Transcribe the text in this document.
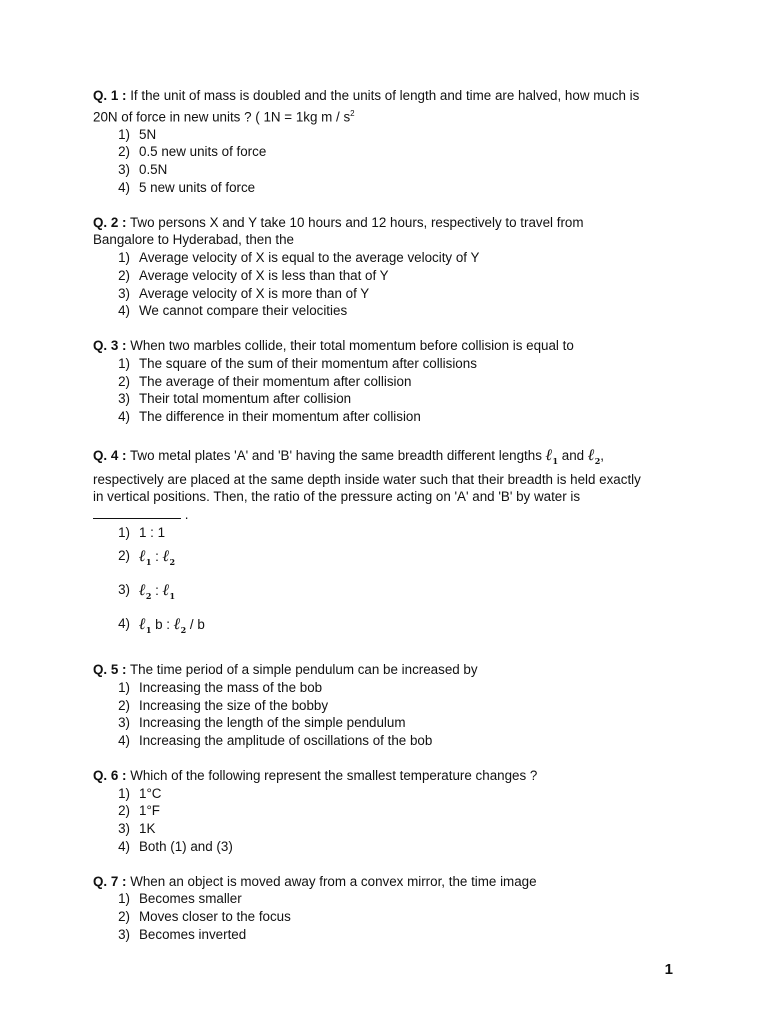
Q. 1 : If the unit of mass is doubled and the units of length and time are halved, how much is
20N of force in new units ? ( 1N = 1kg m / $s^2$
1) 5N
2) 0.5 new units of force
3) 0.5N
4) 5 new units of force
Q. 2 : Two persons X and Y take 10 hours and 12 hours, respectively to travel from
Bangalore to Hyderabad, then the
1) Average velocity of X is equal to the average velocity of Y
2) Average velocity of X is less than that of Y
3) Average velocity of X is more than of Y
4) We cannot compare their velocities
Q. 3 : When two marbles collide, their total momentum before collision is equal to
1) The square of the sum of their momentum after collisions
2) The average of their momentum after collision
3) Their total momentum after collision
4) The difference in their momentum after collision
Q. 4 : Two metal plates 'A' and 'B' having the same breadth different lengths ℓ$_1$ and ℓ$_2$,
respectively are placed at the same depth inside water such that their breadth is held exactly
in vertical positions. Then, the ratio of the pressure acting on 'A' and 'B' by water is
.
1) 1 : 1
2) ℓ$_1$ : ℓ$_2$
3) ℓ$_2$ : ℓ$_1$
4) ℓ$_1$ b : ℓ$_2$ / b
Q. 5 : The time period of a simple pendulum can be increased by
1) Increasing the mass of the bob
2) Increasing the size of the bobby
3) Increasing the length of the simple pendulum
4) Increasing the amplitude of oscillations of the bob
Q. 6 : Which of the following represent the smallest temperature changes ?
1) 1°C
2) 1°F
3) 1K
4) Both (1) and (3)
Q. 7 : When an object is moved away from a convex mirror, the time image
1) Becomes smaller
2) Moves closer to the focus
3) Becomes inverted
1
